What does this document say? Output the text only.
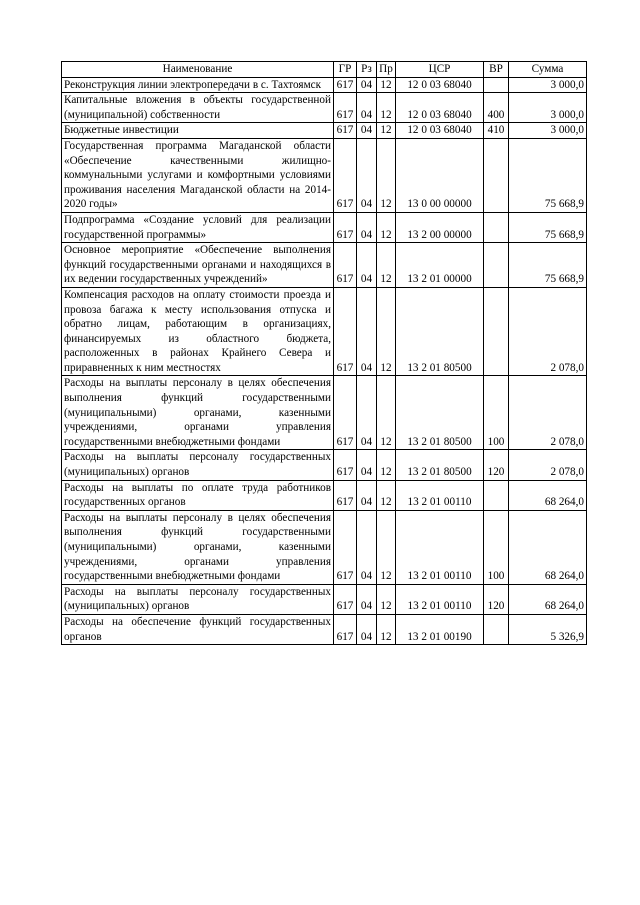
Наименование	ГР	Рз	Пр	ЦСР	ВР	Сумма
Реконструкция линии электропередачи в с. Тахтоямск	617	04	12	12 0 03 68040		3 000,0
Капитальные вложения в объекты государственной (муниципальной) собственности	617	04	12	12 0 03 68040	400	3 000,0
Бюджетные инвестиции	617	04	12	12 0 03 68040	410	3 000,0
Государственная программа Магаданской области «Обеспечение качественными жилищно-коммунальными услугами и комфортными условиями проживания населения Магаданской области на 2014-2020 годы»	617	04	12	13 0 00 00000		75 668,9
Подпрограмма «Создание условий для реализации государственной программы»	617	04	12	13 2 00 00000		75 668,9
Основное мероприятие «Обеспечение выполнения функций государственными органами и находящихся в их ведении государственных учреждений»	617	04	12	13 2 01 00000		75 668,9
Компенсация расходов на оплату стоимости проезда и провоза багажа к месту использования отпуска и обратно лицам, работающим в организациях, финансируемых из областного бюджета, расположенных в районах Крайнего Севера и приравненных к ним местностях	617	04	12	13 2 01 80500		2 078,0
Расходы на выплаты персоналу в целях обеспечения выполнения функций государственными (муниципальными) органами, казенными учреждениями, органами управления государственными внебюджетными фондами	617	04	12	13 2 01 80500	100	2 078,0
Расходы на выплаты персоналу государственных (муниципальных) органов	617	04	12	13 2 01 80500	120	2 078,0
Расходы на выплаты по оплате труда работников государственных органов	617	04	12	13 2 01 00110		68 264,0
Расходы на выплаты персоналу в целях обеспечения выполнения функций государственными (муниципальными) органами, казенными учреждениями, органами управления государственными внебюджетными фондами	617	04	12	13 2 01 00110	100	68 264,0
Расходы на выплаты персоналу государственных (муниципальных) органов	617	04	12	13 2 01 00110	120	68 264,0
Расходы на обеспечение функций государственных органов	617	04	12	13 2 01 00190		5 326,9
